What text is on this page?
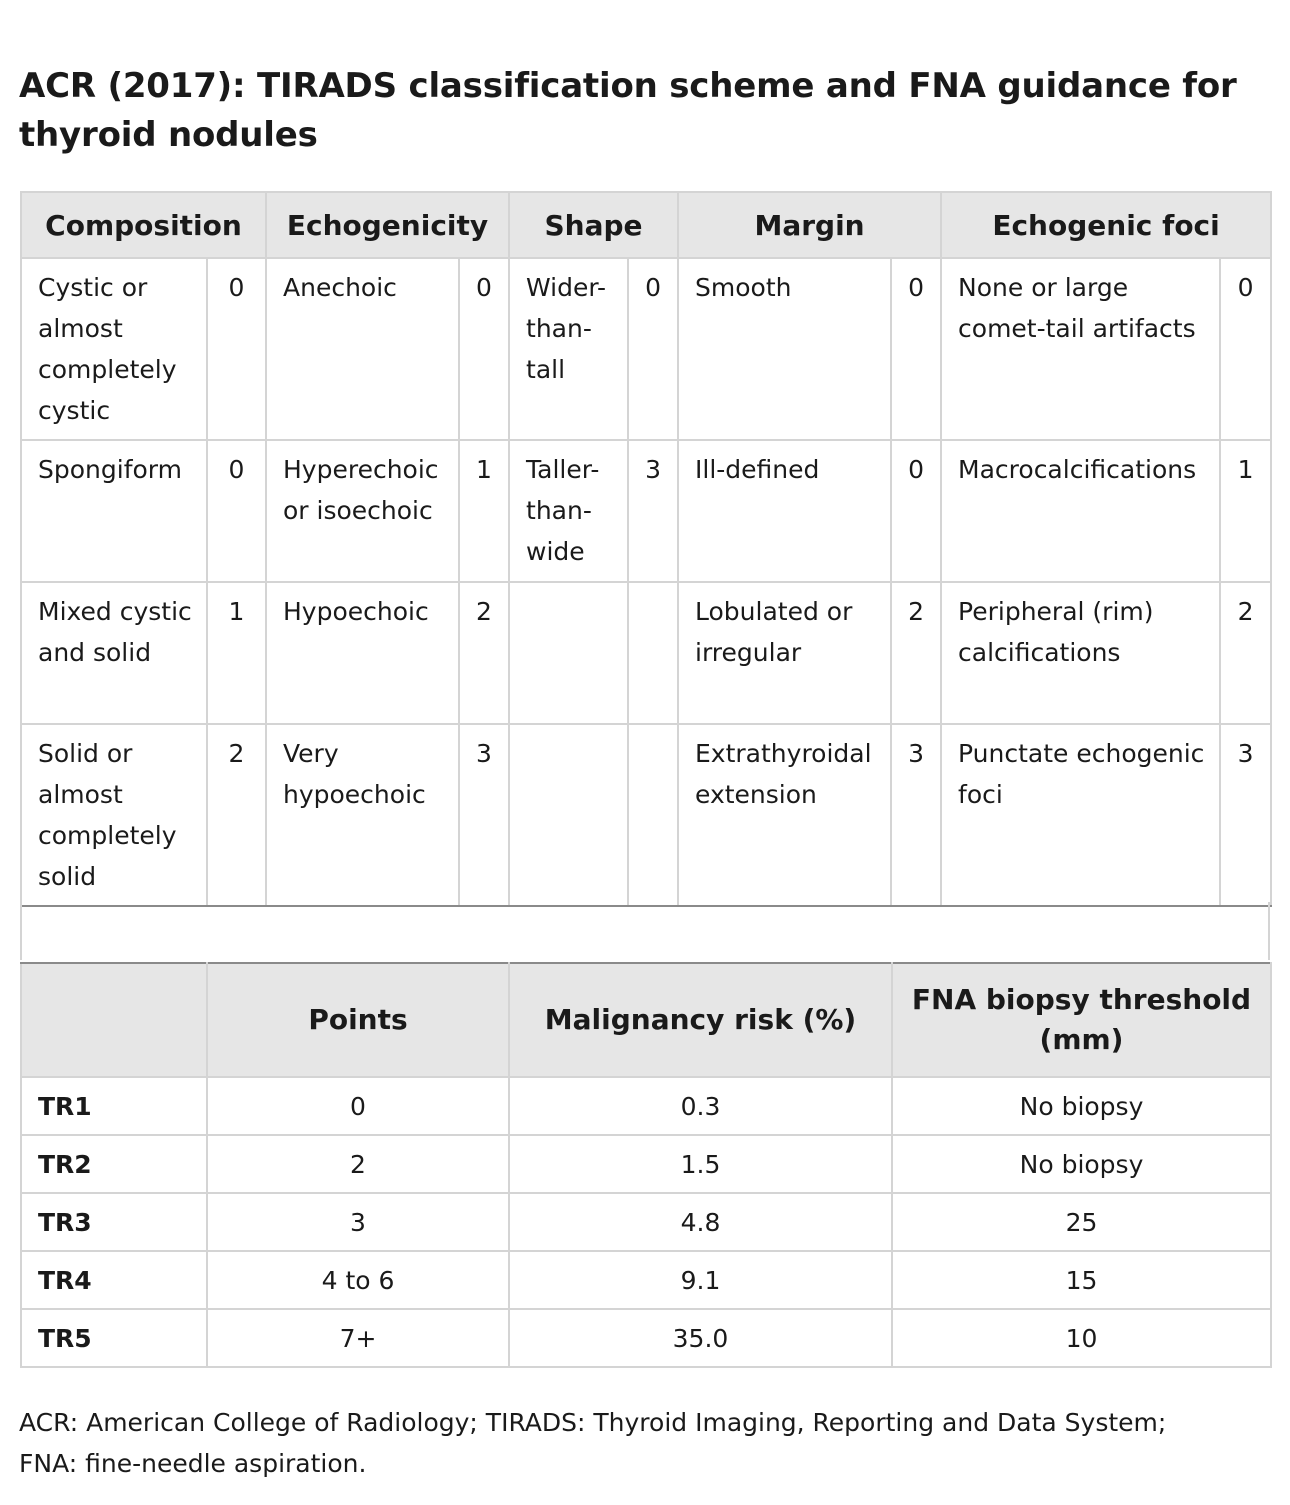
ACR (2017): TIRADS classification scheme and FNA guidance for thyroid nodules
Composition		Echogenicity		Shape		Margin		Echogenic foci	
Cystic or almost completely cystic	0	Anechoic	0	Wider-than-tall	0	Smooth	0	None or large comet-tail artifacts	0
Spongiform	0	Hyperechoic or isoechoic	1	Taller-than-wide	3	Ill-defined	0	Macrocalcifications	1
Mixed cystic and solid	1	Hypoechoic	2			Lobulated or irregular	2	Peripheral (rim) calcifications	2
Solid or almost completely solid	2	Very hypoechoic	3			Extrathyroidal extension	3	Punctate echogenic foci	3
	Points	Malignancy risk (%)	FNA biopsy threshold (mm)
TR1	0	0.3	No biopsy
TR2	2	1.5	No biopsy
TR3	3	4.8	25
TR4	4 to 6	9.1	15
TR5	7+	35.0	10

ACR: American College of Radiology; TIRADS: Thyroid Imaging, Reporting and Data System;
FNA: fine-needle aspiration.
